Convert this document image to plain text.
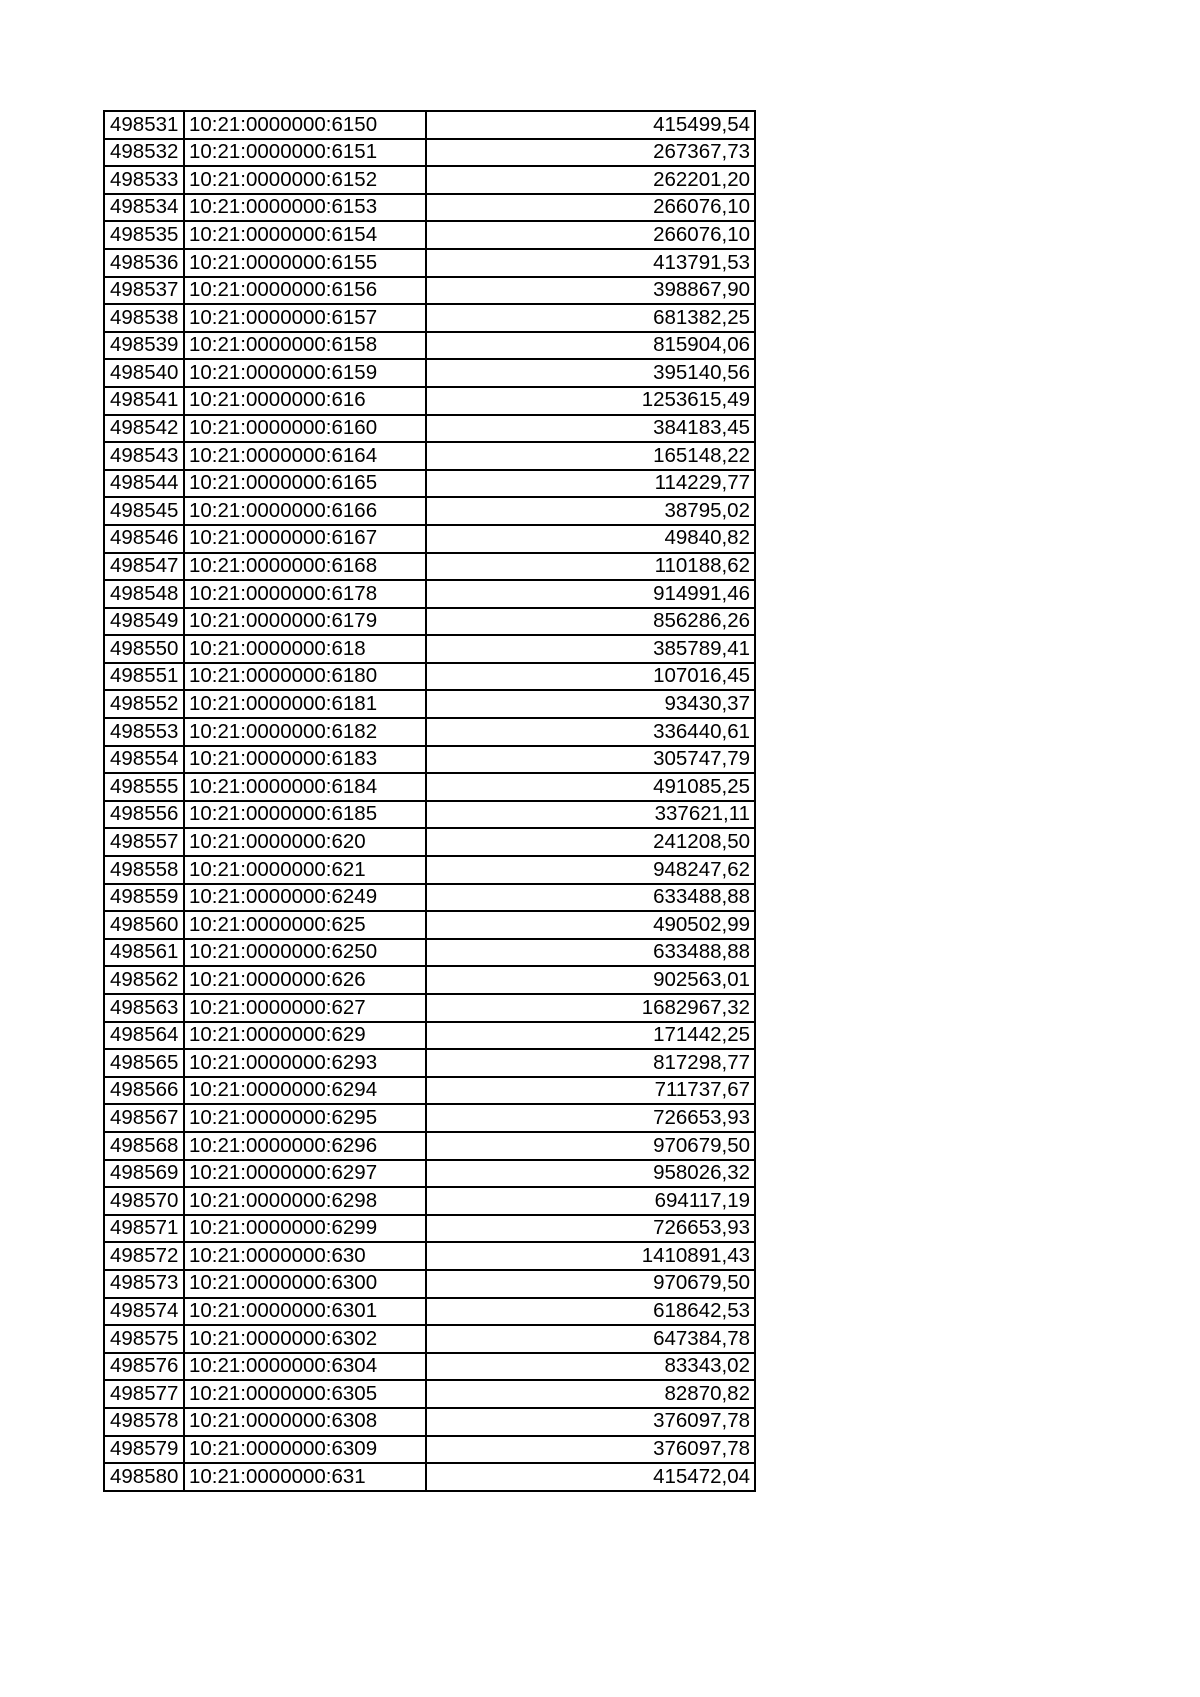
498531	10:21:0000000:6150	415499,54
498532	10:21:0000000:6151	267367,73
498533	10:21:0000000:6152	262201,20
498534	10:21:0000000:6153	266076,10
498535	10:21:0000000:6154	266076,10
498536	10:21:0000000:6155	413791,53
498537	10:21:0000000:6156	398867,90
498538	10:21:0000000:6157	681382,25
498539	10:21:0000000:6158	815904,06
498540	10:21:0000000:6159	395140,56
498541	10:21:0000000:616	1253615,49
498542	10:21:0000000:6160	384183,45
498543	10:21:0000000:6164	165148,22
498544	10:21:0000000:6165	114229,77
498545	10:21:0000000:6166	38795,02
498546	10:21:0000000:6167	49840,82
498547	10:21:0000000:6168	110188,62
498548	10:21:0000000:6178	914991,46
498549	10:21:0000000:6179	856286,26
498550	10:21:0000000:618	385789,41
498551	10:21:0000000:6180	107016,45
498552	10:21:0000000:6181	93430,37
498553	10:21:0000000:6182	336440,61
498554	10:21:0000000:6183	305747,79
498555	10:21:0000000:6184	491085,25
498556	10:21:0000000:6185	337621,11
498557	10:21:0000000:620	241208,50
498558	10:21:0000000:621	948247,62
498559	10:21:0000000:6249	633488,88
498560	10:21:0000000:625	490502,99
498561	10:21:0000000:6250	633488,88
498562	10:21:0000000:626	902563,01
498563	10:21:0000000:627	1682967,32
498564	10:21:0000000:629	171442,25
498565	10:21:0000000:6293	817298,77
498566	10:21:0000000:6294	711737,67
498567	10:21:0000000:6295	726653,93
498568	10:21:0000000:6296	970679,50
498569	10:21:0000000:6297	958026,32
498570	10:21:0000000:6298	694117,19
498571	10:21:0000000:6299	726653,93
498572	10:21:0000000:630	1410891,43
498573	10:21:0000000:6300	970679,50
498574	10:21:0000000:6301	618642,53
498575	10:21:0000000:6302	647384,78
498576	10:21:0000000:6304	83343,02
498577	10:21:0000000:6305	82870,82
498578	10:21:0000000:6308	376097,78
498579	10:21:0000000:6309	376097,78
498580	10:21:0000000:631	415472,04
